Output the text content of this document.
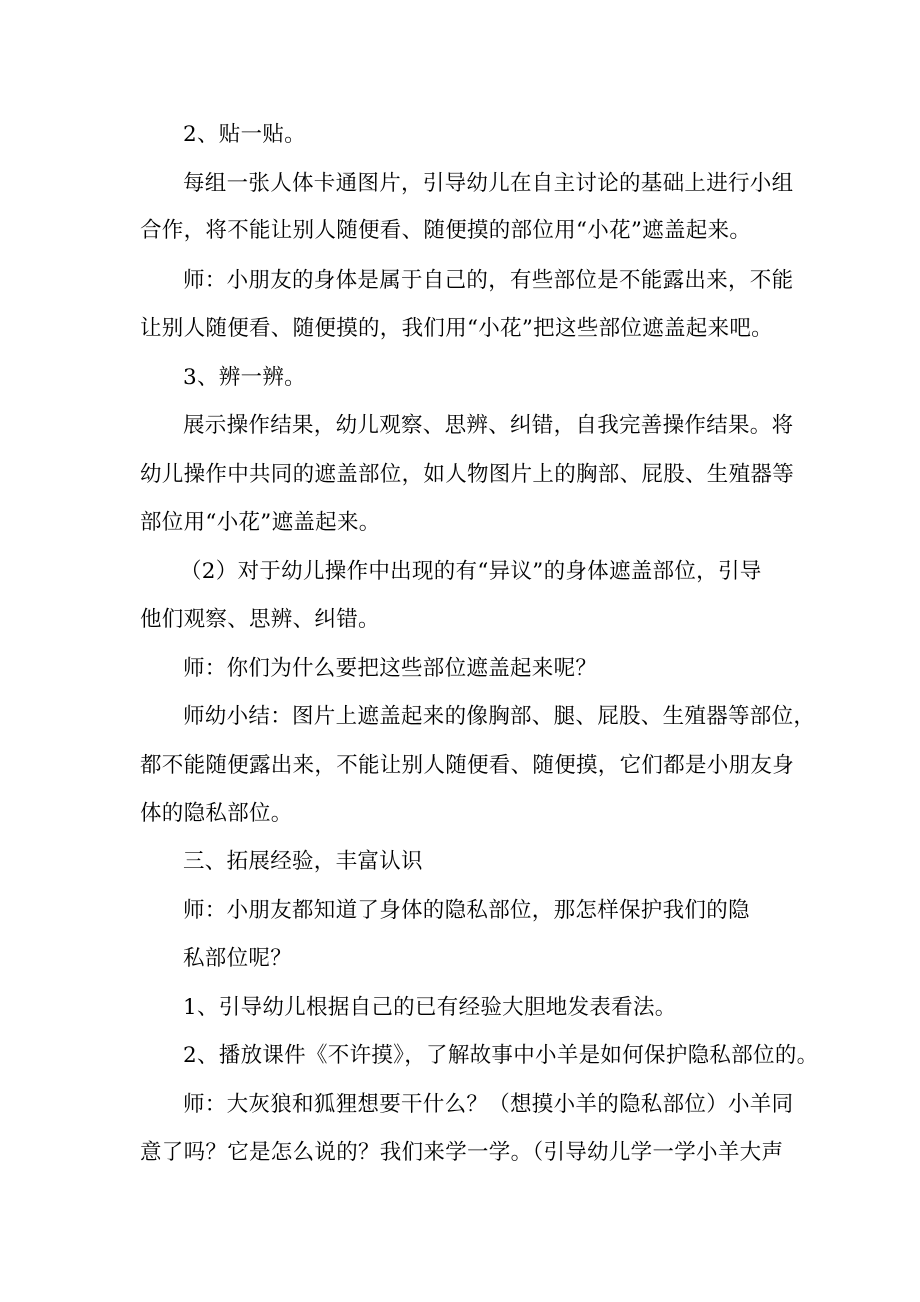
2、贴一贴。
每组一张人体卡通图片，引导幼儿在自主讨论的基础上进行小组
合作，将不能让别人随便看、随便摸的部位用“小花”遮盖起来。
师：小朋友的身体是属于自己的，有些部位是不能露出来，不能
让别人随便看、随便摸的，我们用“小花”把这些部位遮盖起来吧。
3、辨一辨。
展示操作结果，幼儿观察、思辨、纠错，自我完善操作结果。将
幼儿操作中共同的遮盖部位，如人物图片上的胸部、屁股、生殖器等
部位用“小花”遮盖起来。
（2）对于幼儿操作中出现的有“异议”的身体遮盖部位，引导
他们观察、思辨、纠错。
师：你们为什么要把这些部位遮盖起来呢？
师幼小结：图片上遮盖起来的像胸部、腿、屁股、生殖器等部位，
都不能随便露出来，不能让别人随便看、随便摸，它们都是小朋友身
体的隐私部位。
三、拓展经验，丰富认识
师：小朋友都知道了身体的隐私部位，那怎样保护我们的隐
私部位呢？
1、引导幼儿根据自己的已有经验大胆地发表看法。
2、播放课件《不许摸》，了解故事中小羊是如何保护隐私部位的。
师：大灰狼和狐狸想要干什么？（想摸小羊的隐私部位）小羊同
意了吗？它是怎么说的？我们来学一学。（引导幼儿学一学小羊大声
